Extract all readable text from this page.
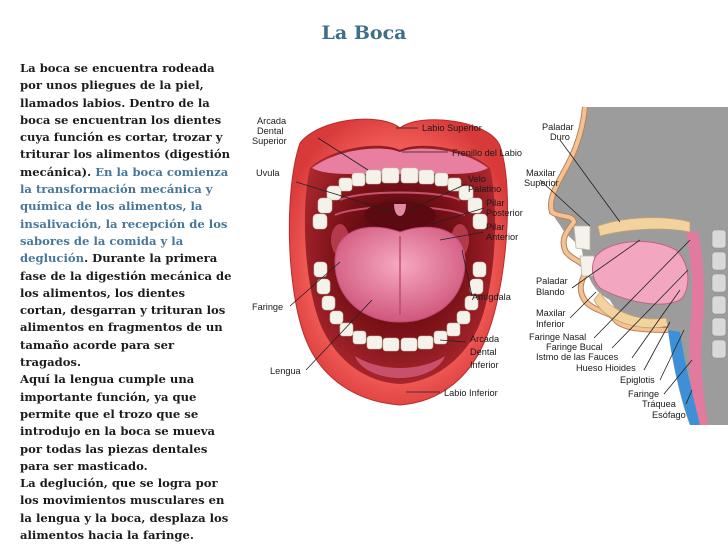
La Boca

La boca se encuentra rodeada por unos pliegues de la piel, llamados labios. Dentro de la boca se encuentran los dientes cuya función es cortar, trozar y triturar los alimentos (digestión mecánica). En la boca comienza la transformación mecánica y química de los alimentos, la insalivación, la recepción de los sabores de la comida y la deglución. Durante la primera fase de la digestión mecánica de los alimentos, los dientes cortan, desgarran y trituran los alimentos en fragmentos de un tamaño acorde para ser tragados.

Aquí la lengua cumple una importante función, ya que permite que el trozo que se introdujo en la boca se mueva por todas las piezas dentales para ser masticado.

La deglución, que se logra por los movimientos musculares en la lengua y la boca, desplaza los alimentos hacia la faringe.

Arcada
Dental
Superior
Uvula
Faringe
Lengua
Labio Superior
Frenillo del Labio
Velo
Palatino
Pilar
Posterior
Pilar
Anterior
Amígdala
Arcada
Dental
Inferior
Labio Inferior
Paladar
Duro
Maxilar
Superior
Paladar
Blando
Maxilar
Inferior
Faringe Nasal
Faringe Bucal
Istmo de las Fauces
Hueso Hioides
Epiglotis
Faringe
Tráquea
Esófago
